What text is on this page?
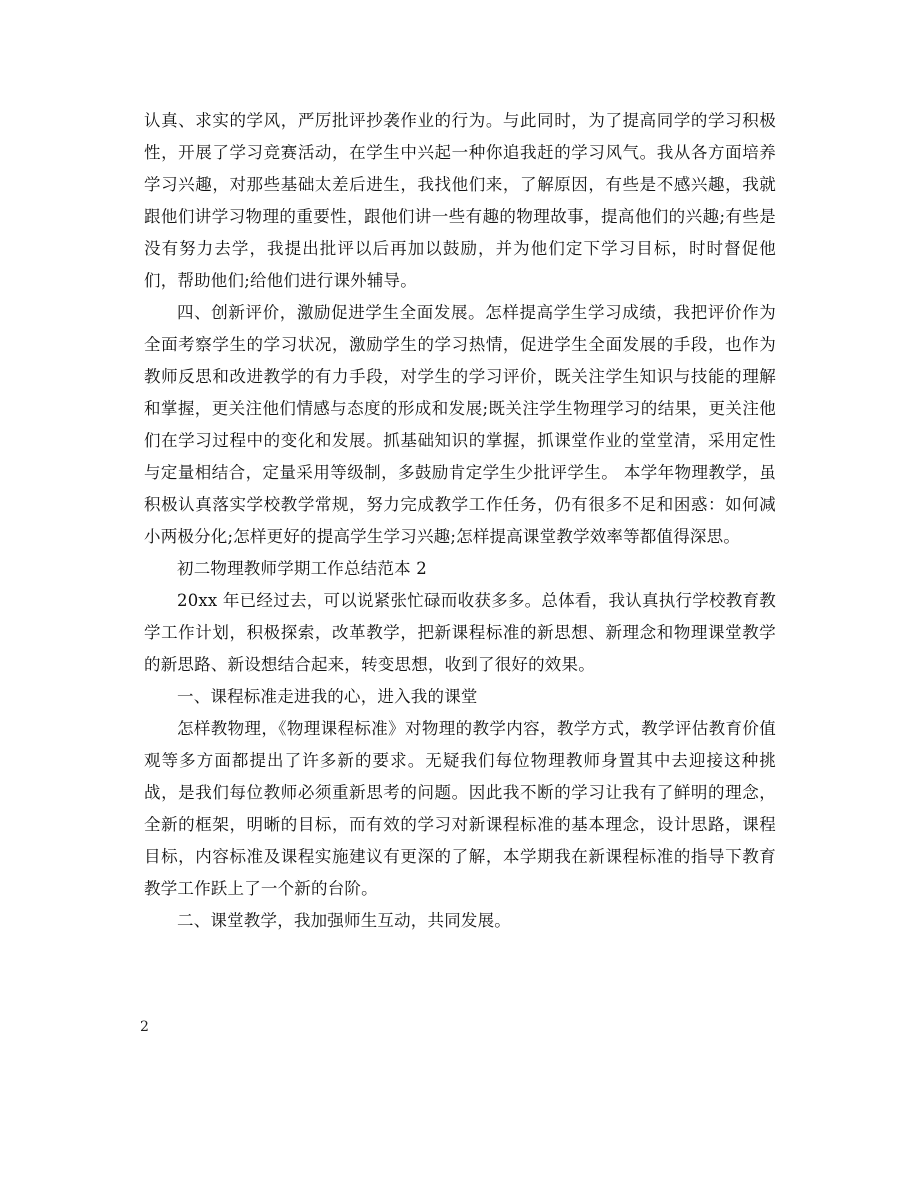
认真、求实的学风，严厉批评抄袭作业的行为。与此同时，为了提高同学的学习积极性，开展了学习竞赛活动，在学生中兴起一种你追我赶的学习风气。我从各方面培养学习兴趣，对那些基础太差后进生，我找他们来，了解原因，有些是不感兴趣，我就跟他们讲学习物理的重要性，跟他们讲一些有趣的物理故事，提高他们的兴趣;有些是没有努力去学，我提出批评以后再加以鼓励，并为他们定下学习目标，时时督促他们，帮助他们;给他们进行课外辅导。

四、创新评价，激励促进学生全面发展。怎样提高学生学习成绩，我把评价作为全面考察学生的学习状况，激励学生的学习热情，促进学生全面发展的手段，也作为教师反思和改进教学的有力手段，对学生的学习评价，既关注学生知识与技能的理解和掌握，更关注他们情感与态度的形成和发展;既关注学生物理学习的结果，更关注他们在学习过程中的变化和发展。抓基础知识的掌握，抓课堂作业的堂堂清，采用定性与定量相结合，定量采用等级制，多鼓励肯定学生少批评学生。 本学年物理教学，虽积极认真落实学校教学常规，努力完成教学工作任务，仍有很多不足和困惑：如何减小两极分化;怎样更好的提高学生学习兴趣;怎样提高课堂教学效率等都值得深思。

初二物理教师学期工作总结范本 2

20xx 年已经过去，可以说紧张忙碌而收获多多。总体看，我认真执行学校教育教学工作计划，积极探索，改革教学，把新课程标准的新思想、新理念和物理课堂教学的新思路、新设想结合起来，转变思想，收到了很好的效果。

一、课程标准走进我的心，进入我的课堂

怎样教物理，《物理课程标准》对物理的教学内容，教学方式，教学评估教育价值观等多方面都提出了许多新的要求。无疑我们每位物理教师身置其中去迎接这种挑战，是我们每位教师必须重新思考的问题。因此我不断的学习让我有了鲜明的理念，全新的框架，明晰的目标，而有效的学习对新课程标准的基本理念，设计思路，课程目标，内容标准及课程实施建议有更深的了解，本学期我在新课程标准的指导下教育教学工作跃上了一个新的台阶。

二、课堂教学，我加强师生互动，共同发展。

2
